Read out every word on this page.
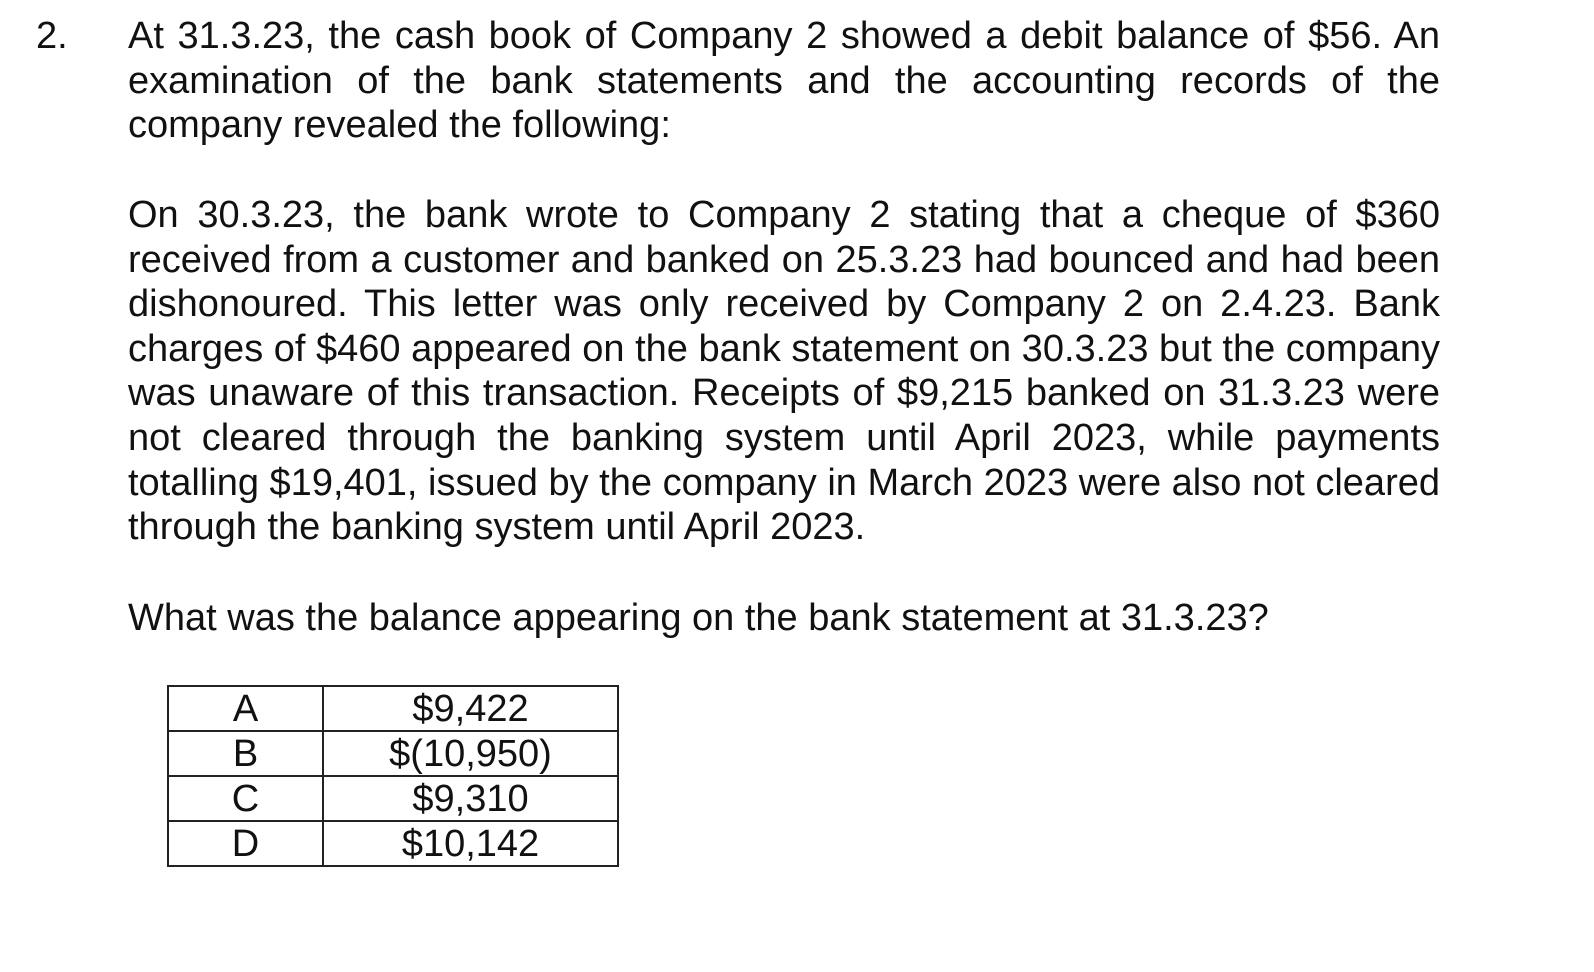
2. At 31.3.23, the cash book of Company 2 showed a debit balance of $56. An examination of the bank statements and the accounting records of the company revealed the following:

On 30.3.23, the bank wrote to Company 2 stating that a cheque of $360 received from a customer and banked on 25.3.23 had bounced and had been dishonoured. This letter was only received by Company 2 on 2.4.23. Bank charges of $460 appeared on the bank statement on 30.3.23 but the company was unaware of this transaction. Receipts of $9,215 banked on 31.3.23 were not cleared through the banking system until April 2023, while payments totalling $19,401, issued by the company in March 2023 were also not cleared through the banking system until April 2023.

What was the balance appearing on the bank statement at 31.3.23?

A	$9,422
B	$(10,950)
C	$9,310
D	$10,142
